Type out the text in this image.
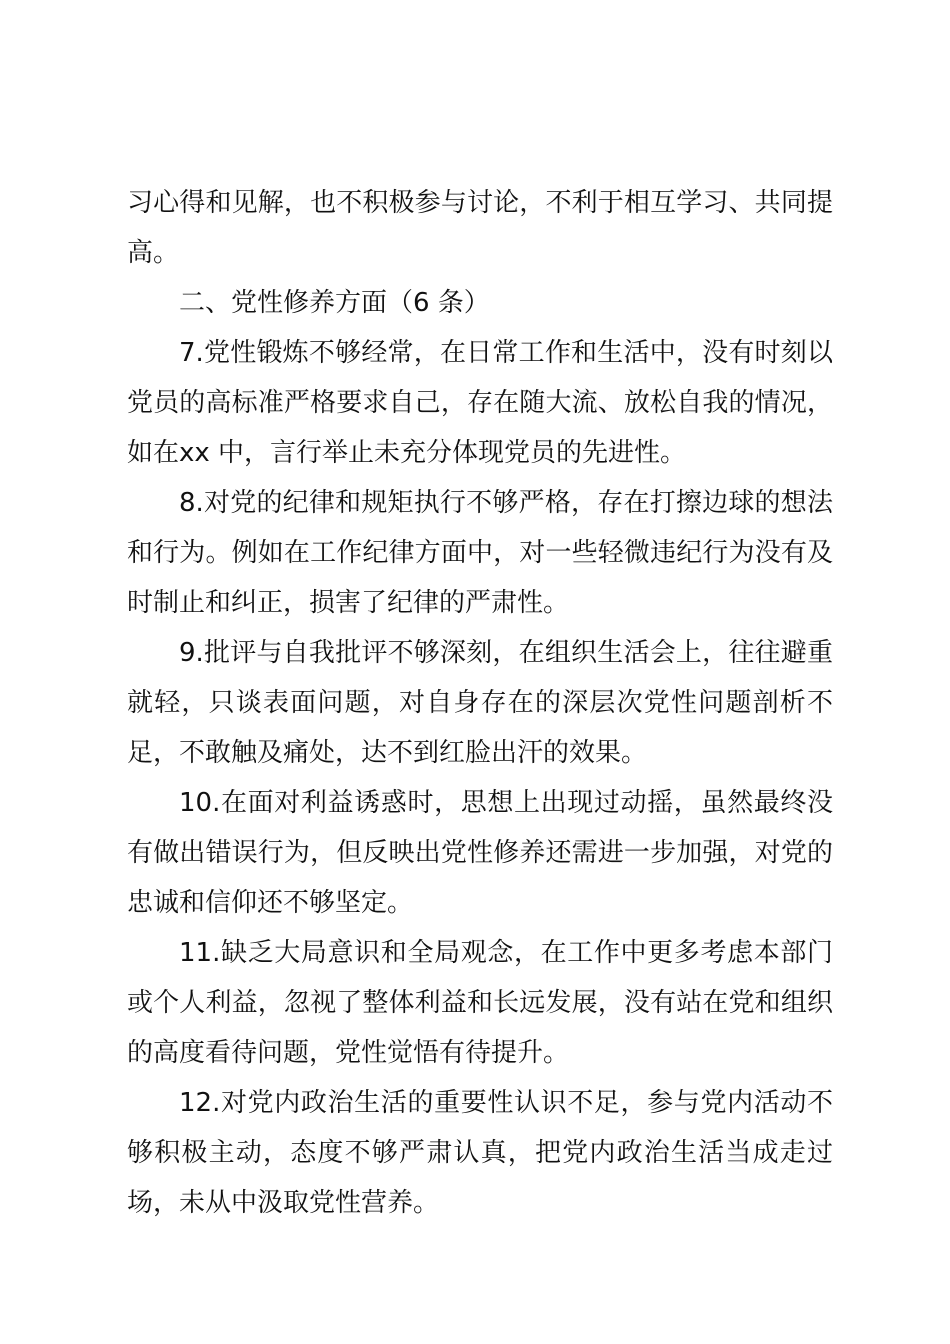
习心得和见解，也不积极参与讨论，不利于相互学习、共同提高。

二、党性修养方面（6 条）

7.党性锻炼不够经常，在日常工作和生活中，没有时刻以党员的高标准严格要求自己，存在随大流、放松自我的情况，如在xx 中，言行举止未充分体现党员的先进性。

8.对党的纪律和规矩执行不够严格，存在打擦边球的想法和行为。例如在工作纪律方面中，对一些轻微违纪行为没有及时制止和纠正，损害了纪律的严肃性。

9.批评与自我批评不够深刻，在组织生活会上，往往避重就轻，只谈表面问题，对自身存在的深层次党性问题剖析不足，不敢触及痛处，达不到红脸出汗的效果。

10.在面对利益诱惑时，思想上出现过动摇，虽然最终没有做出错误行为，但反映出党性修养还需进一步加强，对党的忠诚和信仰还不够坚定。

11.缺乏大局意识和全局观念，在工作中更多考虑本部门或个人利益，忽视了整体利益和长远发展，没有站在党和组织的高度看待问题，党性觉悟有待提升。

12.对党内政治生活的重要性认识不足，参与党内活动不够积极主动，态度不够严肃认真，把党内政治生活当成走过场，未从中汲取党性营养。
